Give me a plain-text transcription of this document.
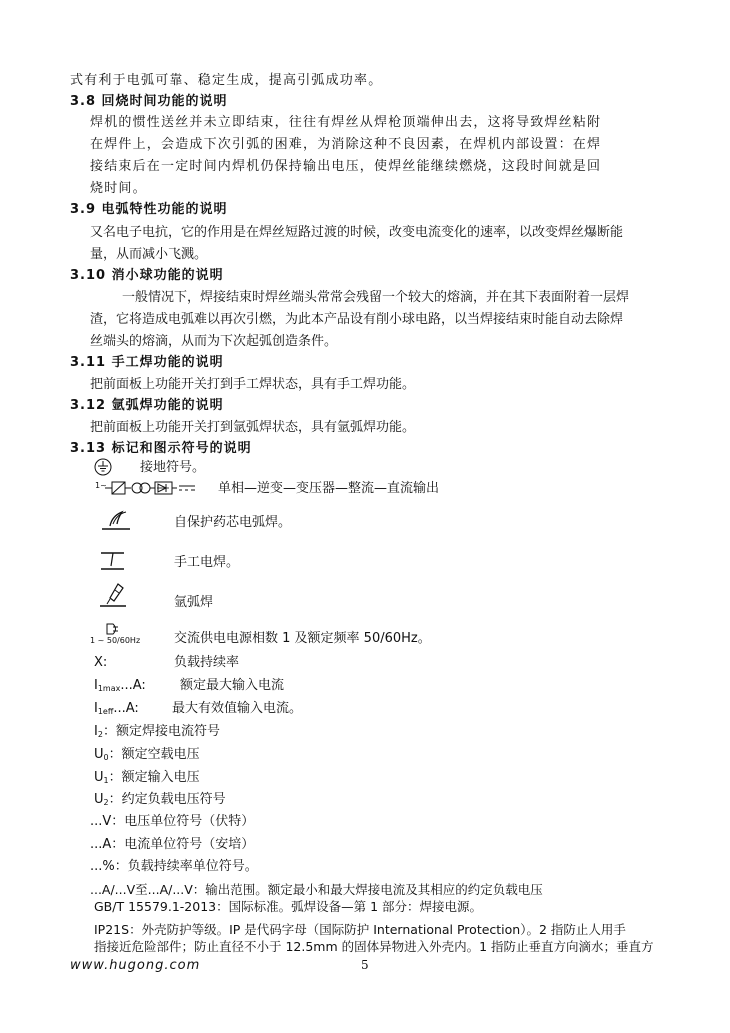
式有利于电弧可靠、稳定生成，提高引弧成功率。
3.8 回烧时间功能的说明
焊机的惯性送丝并未立即结束，往往有焊丝从焊枪顶端伸出去，这将导致焊丝粘附
在焊件上，会造成下次引弧的困难，为消除这种不良因素，在焊机内部设置：在焊
接结束后在一定时间内焊机仍保持输出电压，使焊丝能继续燃烧，这段时间就是回
烧时间。
3.9 电弧特性功能的说明
又名电子电抗，它的作用是在焊丝短路过渡的时候，改变电流变化的速率，以改变焊丝爆断能
量，从而减小飞溅。
3.10 消小球功能的说明
一般情况下，焊接结束时焊丝端头常常会残留一个较大的熔滴，并在其下表面附着一层焊
渣，它将造成电弧难以再次引燃，为此本产品设有削小球电路，以当焊接结束时能自动去除焊
丝端头的熔滴，从而为下次起弧创造条件。
3.11 手工焊功能的说明
把前面板上功能开关打到手工焊状态，具有手工焊功能。
3.12 氩弧焊功能的说明
把前面板上功能开关打到氩弧焊状态，具有氩弧焊功能。
3.13 标记和图示符号的说明
接地符号。
1~	单相—逆变—变压器—整流—直流输出
自保护药芯电弧焊。
手工电焊。
氩弧焊
1 ~ 50/60Hz	交流供电电源相数 1 及额定频率 50/60Hz。
X:	负载持续率
$I_{1max}...A$:	额定最大输入电流
$I_{1eff}...A$:	最大有效值输入电流。
$I_2$：额定焊接电流符号
$U_0$：额定空载电压
$U_1$：额定输入电压
$U_2$：约定负载电压符号
...V：电压单位符号（伏特）
...A：电流单位符号（安培）
...%：负载持续率单位符号。
...A/...V至...A/...V：输出范围。额定最小和最大焊接电流及其相应的约定负载电压
GB/T 15579.1-2013：国际标准。弧焊设备—第 1 部分：焊接电源。
IP21S：外壳防护等级。IP 是代码字母（国际防护 International Protection）。2 指防止人用手
指接近危险部件；防止直径不小于 12.5mm 的固体异物进入外壳内。1 指防止垂直方向滴水；垂直方
www.hugong.com	5
